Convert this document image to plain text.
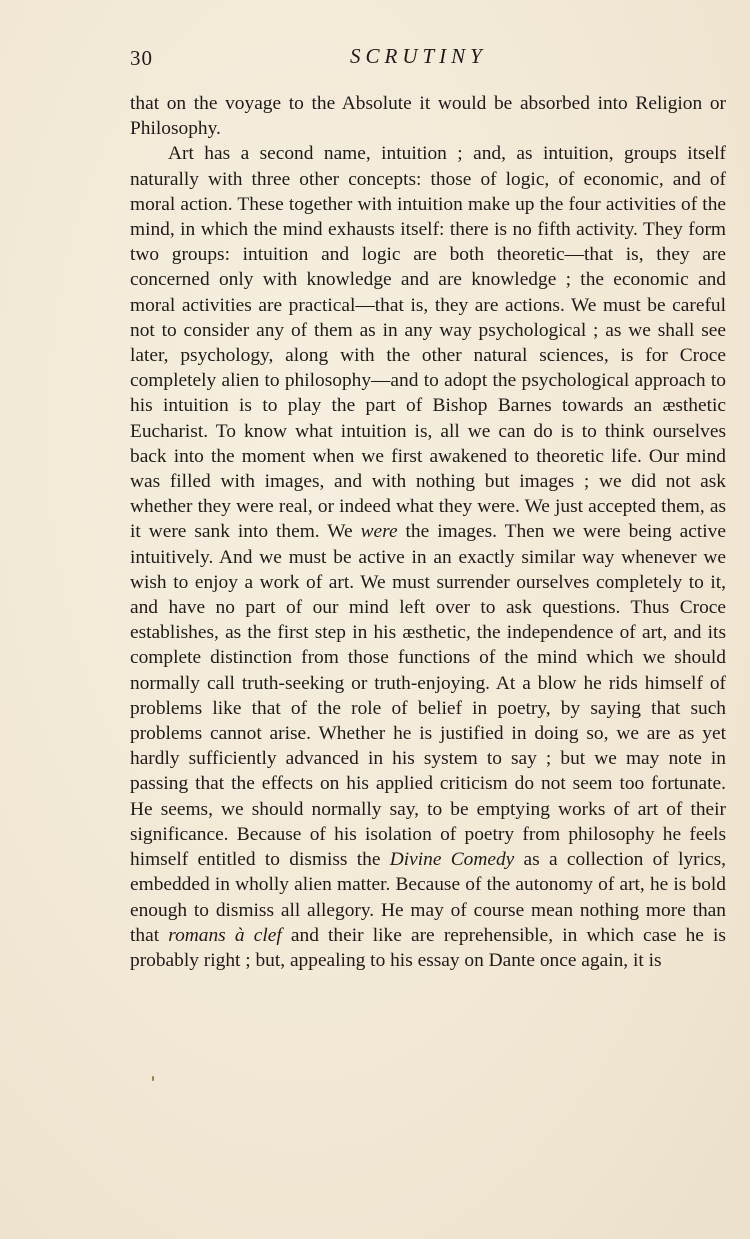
30	SCRUTINY

that on the voyage to the Absolute it would be absorbed into Religion or Philosophy.

Art has a second name, intuition ; and, as intuition, groups itself naturally with three other concepts: those of logic, of economic, and of moral action. These together with intuition make up the four activities of the mind, in which the mind exhausts itself: there is no fifth activity. They form two groups: intuition and logic are both theoretic—that is, they are concerned only with knowledge and are knowledge ; the economic and moral activities are practical—that is, they are actions. We must be careful not to consider any of them as in any way psychological ; as we shall see later, psychology, along with the other natural sciences, is for Croce completely alien to philosophy—and to adopt the psychological approach to his intuition is to play the part of Bishop Barnes towards an æsthetic Eucharist. To know what intuition is, all we can do is to think ourselves back into the moment when we first awakened to theoretic life. Our mind was filled with images, and with nothing but images ; we did not ask whether they were real, or indeed what they were. We just accepted them, as it were sank into them. We were the images. Then we were being active intuitively. And we must be active in an exactly similar way whenever we wish to enjoy a work of art. We must surrender ourselves completely to it, and have no part of our mind left over to ask questions. Thus Croce establishes, as the first step in his æsthetic, the independence of art, and its complete distinction from those functions of the mind which we should normally call truth-seeking or truth-enjoying. At a blow he rids himself of problems like that of the role of belief in poetry, by saying that such problems cannot arise. Whether he is justified in doing so, we are as yet hardly sufficiently advanced in his system to say ; but we may note in passing that the effects on his applied criticism do not seem too fortunate. He seems, we should normally say, to be emptying works of art of their significance. Because of his isolation of poetry from philosophy he feels himself entitled to dismiss the Divine Comedy as a collection of lyrics, embedded in wholly alien matter. Because of the autonomy of art, he is bold enough to dismiss all allegory. He may of course mean nothing more than that romans à clef and their like are reprehensible, in which case he is probably right ; but, appealing to his essay on Dante once again, it is
